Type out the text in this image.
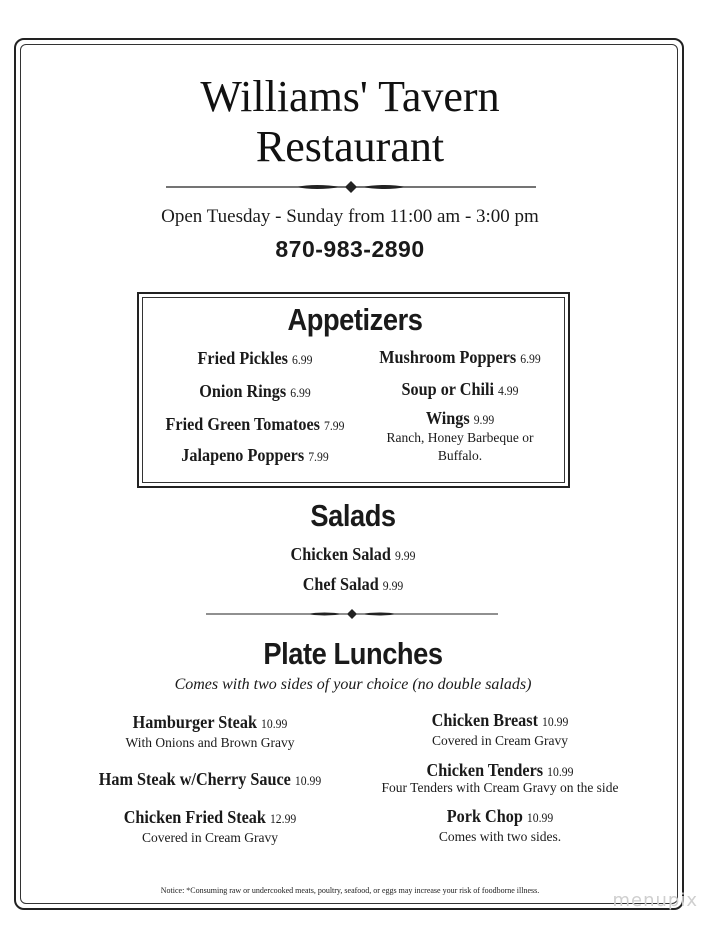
Williams' Tavern
Restaurant
Open Tuesday - Sunday from 11:00 am - 3:00 pm
870-983-2890
Appetizers
Fried Pickles 6.99
Onion Rings 6.99
Fried Green Tomatoes 7.99
Jalapeno Poppers 7.99
Mushroom Poppers 6.99
Soup or Chili 4.99
Wings 9.99
Ranch, Honey Barbeque or
Buffalo.
Salads
Chicken Salad 9.99
Chef Salad 9.99
Plate Lunches
Comes with two sides of your choice (no double salads)
Hamburger Steak 10.99
With Onions and Brown Gravy
Ham Steak w/Cherry Sauce 10.99
Chicken Fried Steak 12.99
Covered in Cream Gravy
Chicken Breast 10.99
Covered in Cream Gravy
Chicken Tenders 10.99
Four Tenders with Cream Gravy on the side
Pork Chop 10.99
Comes with two sides.
Notice: *Consuming raw or undercooked meats, poultry, seafood, or eggs may increase your risk of foodborne illness.	menupix
